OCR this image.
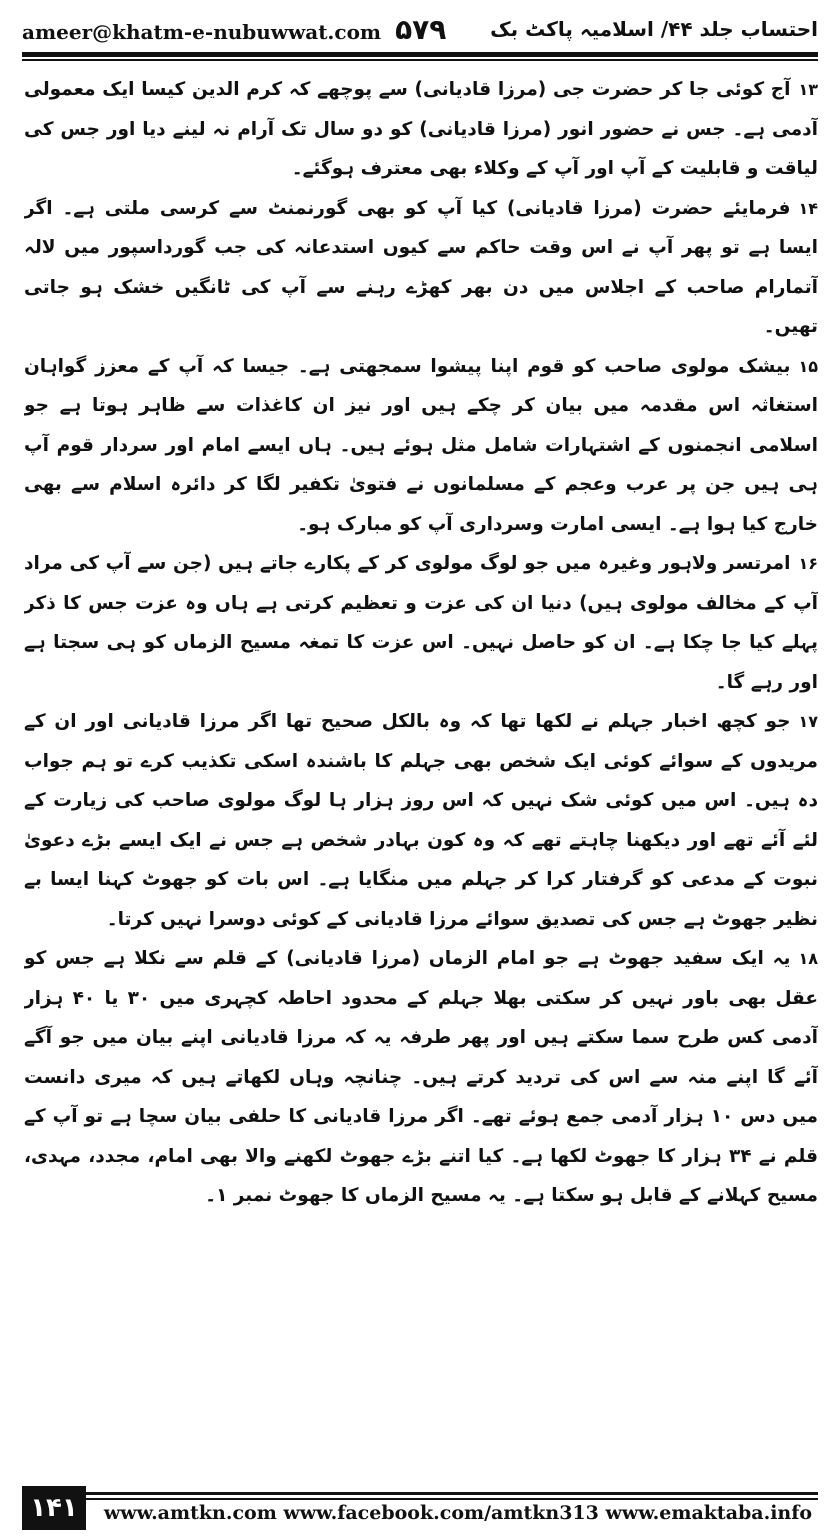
ameer@khatm-e-nubuwwat.com ۵۷۹ احتساب جلد ۴۴/ اسلامیہ پاکٹ بک

۱۳آج کوئی جا کر حضرت جی (مرزا قادیانی) سے پوچھے کہ کرم الدین کیسا ایک معمولی آدمی ہے۔ جس نے حضور انور (مرزا قادیانی) کو دو سال تک آرام نہ لینے دیا اور جس کی لیاقت و قابلیت کے آپ اور آپ کے وکلاء بھی معترف ہوگئے۔

۱۴فرمایئے حضرت (مرزا قادیانی) کیا آپ کو بھی گورنمنٹ سے کرسی ملتی ہے۔ اگر ایسا ہے تو پھر آپ نے اس وقت حاکم سے کیوں استدعانہ کی جب گورداسپور میں لالہ آتمارام صاحب کے اجلاس میں دن بھر کھڑے رہنے سے آپ کی ٹانگیں خشک ہو جاتی تھیں۔

۱۵بیشک مولوی صاحب کو قوم اپنا پیشوا سمجھتی ہے۔ جیسا کہ آپ کے معزز گواہان استغاثہ اس مقدمہ میں بیان کر چکے ہیں اور نیز ان کاغذات سے ظاہر ہوتا ہے جو اسلامی انجمنوں کے اشتہارات شامل مثل ہوئے ہیں۔ ہاں ایسے امام اور سردار قوم آپ ہی ہیں جن پر عرب وعجم کے مسلمانوں نے فتویٰ تکفیر لگا کر دائرہ اسلام سے بھی خارج کیا ہوا ہے۔ ایسی امارت وسرداری آپ کو مبارک ہو۔

۱۶امرتسر ولاہور وغیرہ میں جو لوگ مولوی کر کے پکارے جاتے ہیں (جن سے آپ کی مراد آپ کے مخالف مولوی ہیں) دنیا ان کی عزت و تعظیم کرتی ہے ہاں وہ عزت جس کا ذکر پہلے کیا جا چکا ہے۔ ان کو حاصل نہیں۔ اس عزت کا تمغہ مسیح الزماں کو ہی سجتا ہے اور رہے گا۔

۱۷جو کچھ اخبار جہلم نے لکھا تھا کہ وہ بالکل صحیح تھا اگر مرزا قادیانی اور ان کے مریدوں کے سوائے کوئی ایک شخص بھی جہلم کا باشندہ اسکی تکذیب کرے تو ہم جواب دہ ہیں۔ اس میں کوئی شک نہیں کہ اس روز ہزار ہا لوگ مولوی صاحب کی زیارت کے لئے آئے تھے اور دیکھنا چاہتے تھے کہ وہ کون بہادر شخص ہے جس نے ایک ایسے بڑے دعویٰ نبوت کے مدعی کو گرفتار کرا کر جہلم میں منگایا ہے۔ اس بات کو جھوٹ کہنا ایسا بے نظیر جھوٹ ہے جس کی تصدیق سوائے مرزا قادیانی کے کوئی دوسرا نہیں کرتا۔

۱۸یہ ایک سفید جھوٹ ہے جو امام الزماں (مرزا قادیانی) کے قلم سے نکلا ہے جس کو عقل بھی باور نہیں کر سکتی بھلا جہلم کے محدود احاطہ کچہری میں ۳۰ یا ۴۰ ہزار آدمی کس طرح سما سکتے ہیں اور پھر طرفہ یہ کہ مرزا قادیانی اپنے بیان میں جو آگے آئے گا اپنے منہ سے اس کی تردید کرتے ہیں۔ چنانچہ وہاں لکھاتے ہیں کہ میری دانست میں دس ۱۰ ہزار آدمی جمع ہوئے تھے۔ اگر مرزا قادیانی کا حلفی بیان سچا ہے تو آپ کے قلم نے ۳۴ ہزار کا جھوٹ لکھا ہے۔ کیا اتنے بڑے جھوٹ لکھنے والا بھی امام، مجدد، مہدی، مسیح کہلانے کے قابل ہو سکتا ہے۔ یہ مسیح الزماں کا جھوٹ نمبر ۱۔

۱۴۱	www.amtkn.com www.facebook.com/amtkn313 www.emaktaba.info
